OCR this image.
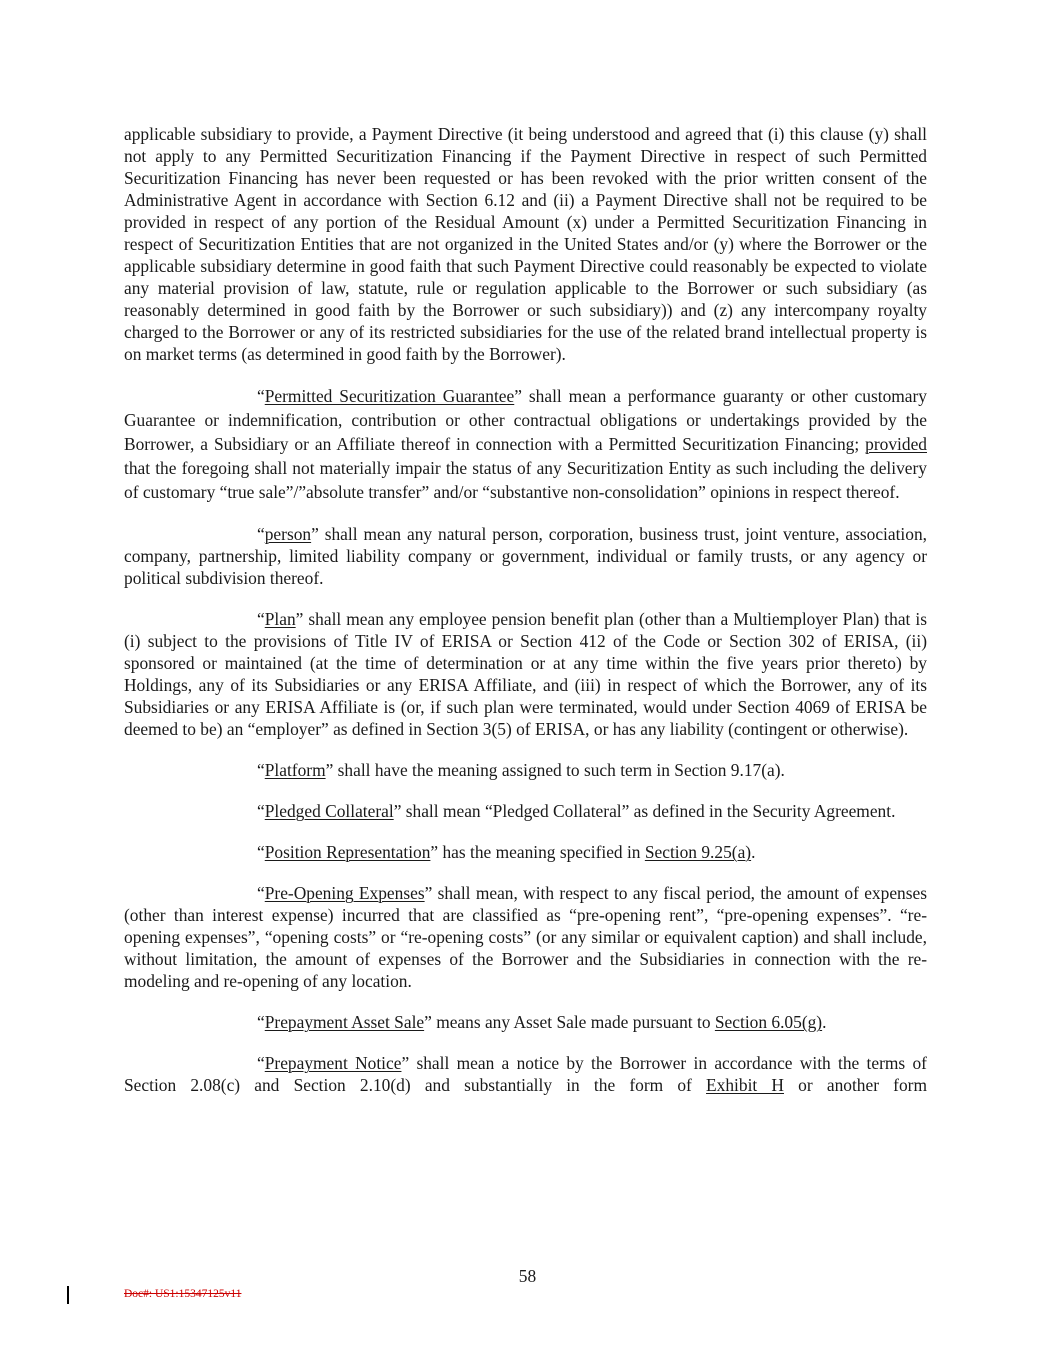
applicable subsidiary to provide, a Payment Directive (it being understood and agreed that (i) this clause (y) shall not apply to any Permitted Securitization Financing if the Payment Directive in respect of such Permitted Securitization Financing has never been requested or has been revoked with the prior written consent of the Administrative Agent in accordance with Section 6.12 and (ii) a Payment Directive shall not be required to be provided in respect of any portion of the Residual Amount (x) under a Permitted Securitization Financing in respect of Securitization Entities that are not organized in the United States and/or (y) where the Borrower or the applicable subsidiary determine in good faith that such Payment Directive could reasonably be expected to violate any material provision of law, statute, rule or regulation applicable to the Borrower or such subsidiary (as reasonably determined in good faith by the Borrower or such subsidiary)) and (z) any intercompany royalty charged to the Borrower or any of its restricted subsidiaries for the use of the related brand intellectual property is on market terms (as determined in good faith by the Borrower).

“Permitted Securitization Guarantee” shall mean a performance guaranty or other customary Guarantee or indemnification, contribution or other contractual obligations or undertakings provided by the Borrower, a Subsidiary or an Affiliate thereof in connection with a Permitted Securitization Financing; provided that the foregoing shall not materially impair the status of any Securitization Entity as such including the delivery of customary “true sale”/”absolute transfer” and/or “substantive non-consolidation” opinions in respect thereof.

“person” shall mean any natural person, corporation, business trust, joint venture, association, company, partnership, limited liability company or government, individual or family trusts, or any agency or political subdivision thereof.

“Plan” shall mean any employee pension benefit plan (other than a Multiemployer Plan) that is (i) subject to the provisions of Title IV of ERISA or Section 412 of the Code or Section 302 of ERISA, (ii) sponsored or maintained (at the time of determination or at any time within the five years prior thereto) by Holdings, any of its Subsidiaries or any ERISA Affiliate, and (iii) in respect of which the Borrower, any of its Subsidiaries or any ERISA Affiliate is (or, if such plan were terminated, would under Section 4069 of ERISA be deemed to be) an “employer” as defined in Section 3(5) of ERISA, or has any liability (contingent or otherwise).

“Platform” shall have the meaning assigned to such term in Section 9.17(a).

“Pledged Collateral” shall mean “Pledged Collateral” as defined in the Security Agreement.

“Position Representation” has the meaning specified in Section 9.25(a).

“Pre-Opening Expenses” shall mean, with respect to any fiscal period, the amount of expenses (other than interest expense) incurred that are classified as “pre-opening rent”, “pre-opening expenses”. “re-opening expenses”, “opening costs” or “re-opening costs” (or any similar or equivalent caption) and shall include, without limitation, the amount of expenses of the Borrower and the Subsidiaries in connection with the re-modeling and re-opening of any location.

“Prepayment Asset Sale” means any Asset Sale made pursuant to Section 6.05(g).

“Prepayment Notice” shall mean a notice by the Borrower in accordance with the terms of Section 2.08(c) and Section 2.10(d) and substantially in the form of Exhibit H or another form

58
Doc#: US1:15347125v11
